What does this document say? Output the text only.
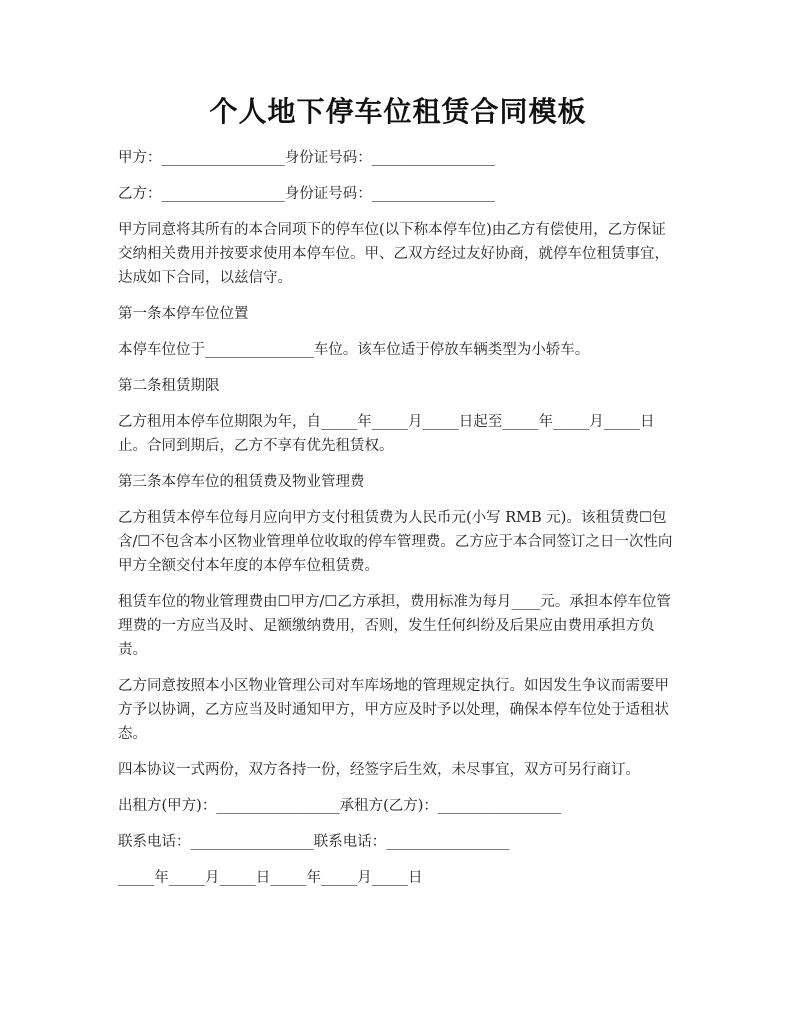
个人地下停车位租赁合同模板

甲方：_________________身份证号码：_________________

乙方：_________________身份证号码：_________________

甲方同意将其所有的本合同项下的停车位(以下称本停车位)由乙方有偿使用，乙方保证交纳相关费用并按要求使用本停车位。甲、乙双方经过友好协商，就停车位租赁事宜，达成如下合同，以兹信守。

第一条本停车位位置

本停车位位于_______________车位。该车位适于停放车辆类型为小轿车。

第二条租赁期限

乙方租用本停车位期限为年，自_____年_____月_____日起至_____年_____月_____日止。合同到期后，乙方不享有优先租赁权。

第三条本停车位的租赁费及物业管理费

乙方租赁本停车位每月应向甲方支付租赁费为人民币元(小写 RMB 元)。该租赁费☐包含/☐不包含本小区物业管理单位收取的停车管理费。乙方应于本合同签订之日一次性向甲方全额交付本年度的本停车位租赁费。

租赁车位的物业管理费由☐甲方/☐乙方承担，费用标准为每月____元。承担本停车位管理费的一方应当及时、足额缴纳费用，否则，发生任何纠纷及后果应由费用承担方负责。

乙方同意按照本小区物业管理公司对车库场地的管理规定执行。如因发生争议而需要甲方予以协调，乙方应当及时通知甲方，甲方应及时予以处理，确保本停车位处于适租状态。

四本协议一式两份，双方各持一份，经签字后生效，未尽事宜，双方可另行商订。

出租方(甲方)：_________________承租方(乙方)：_________________

联系电话：_________________联系电话：_________________

_____年_____月_____日_____年_____月_____日
